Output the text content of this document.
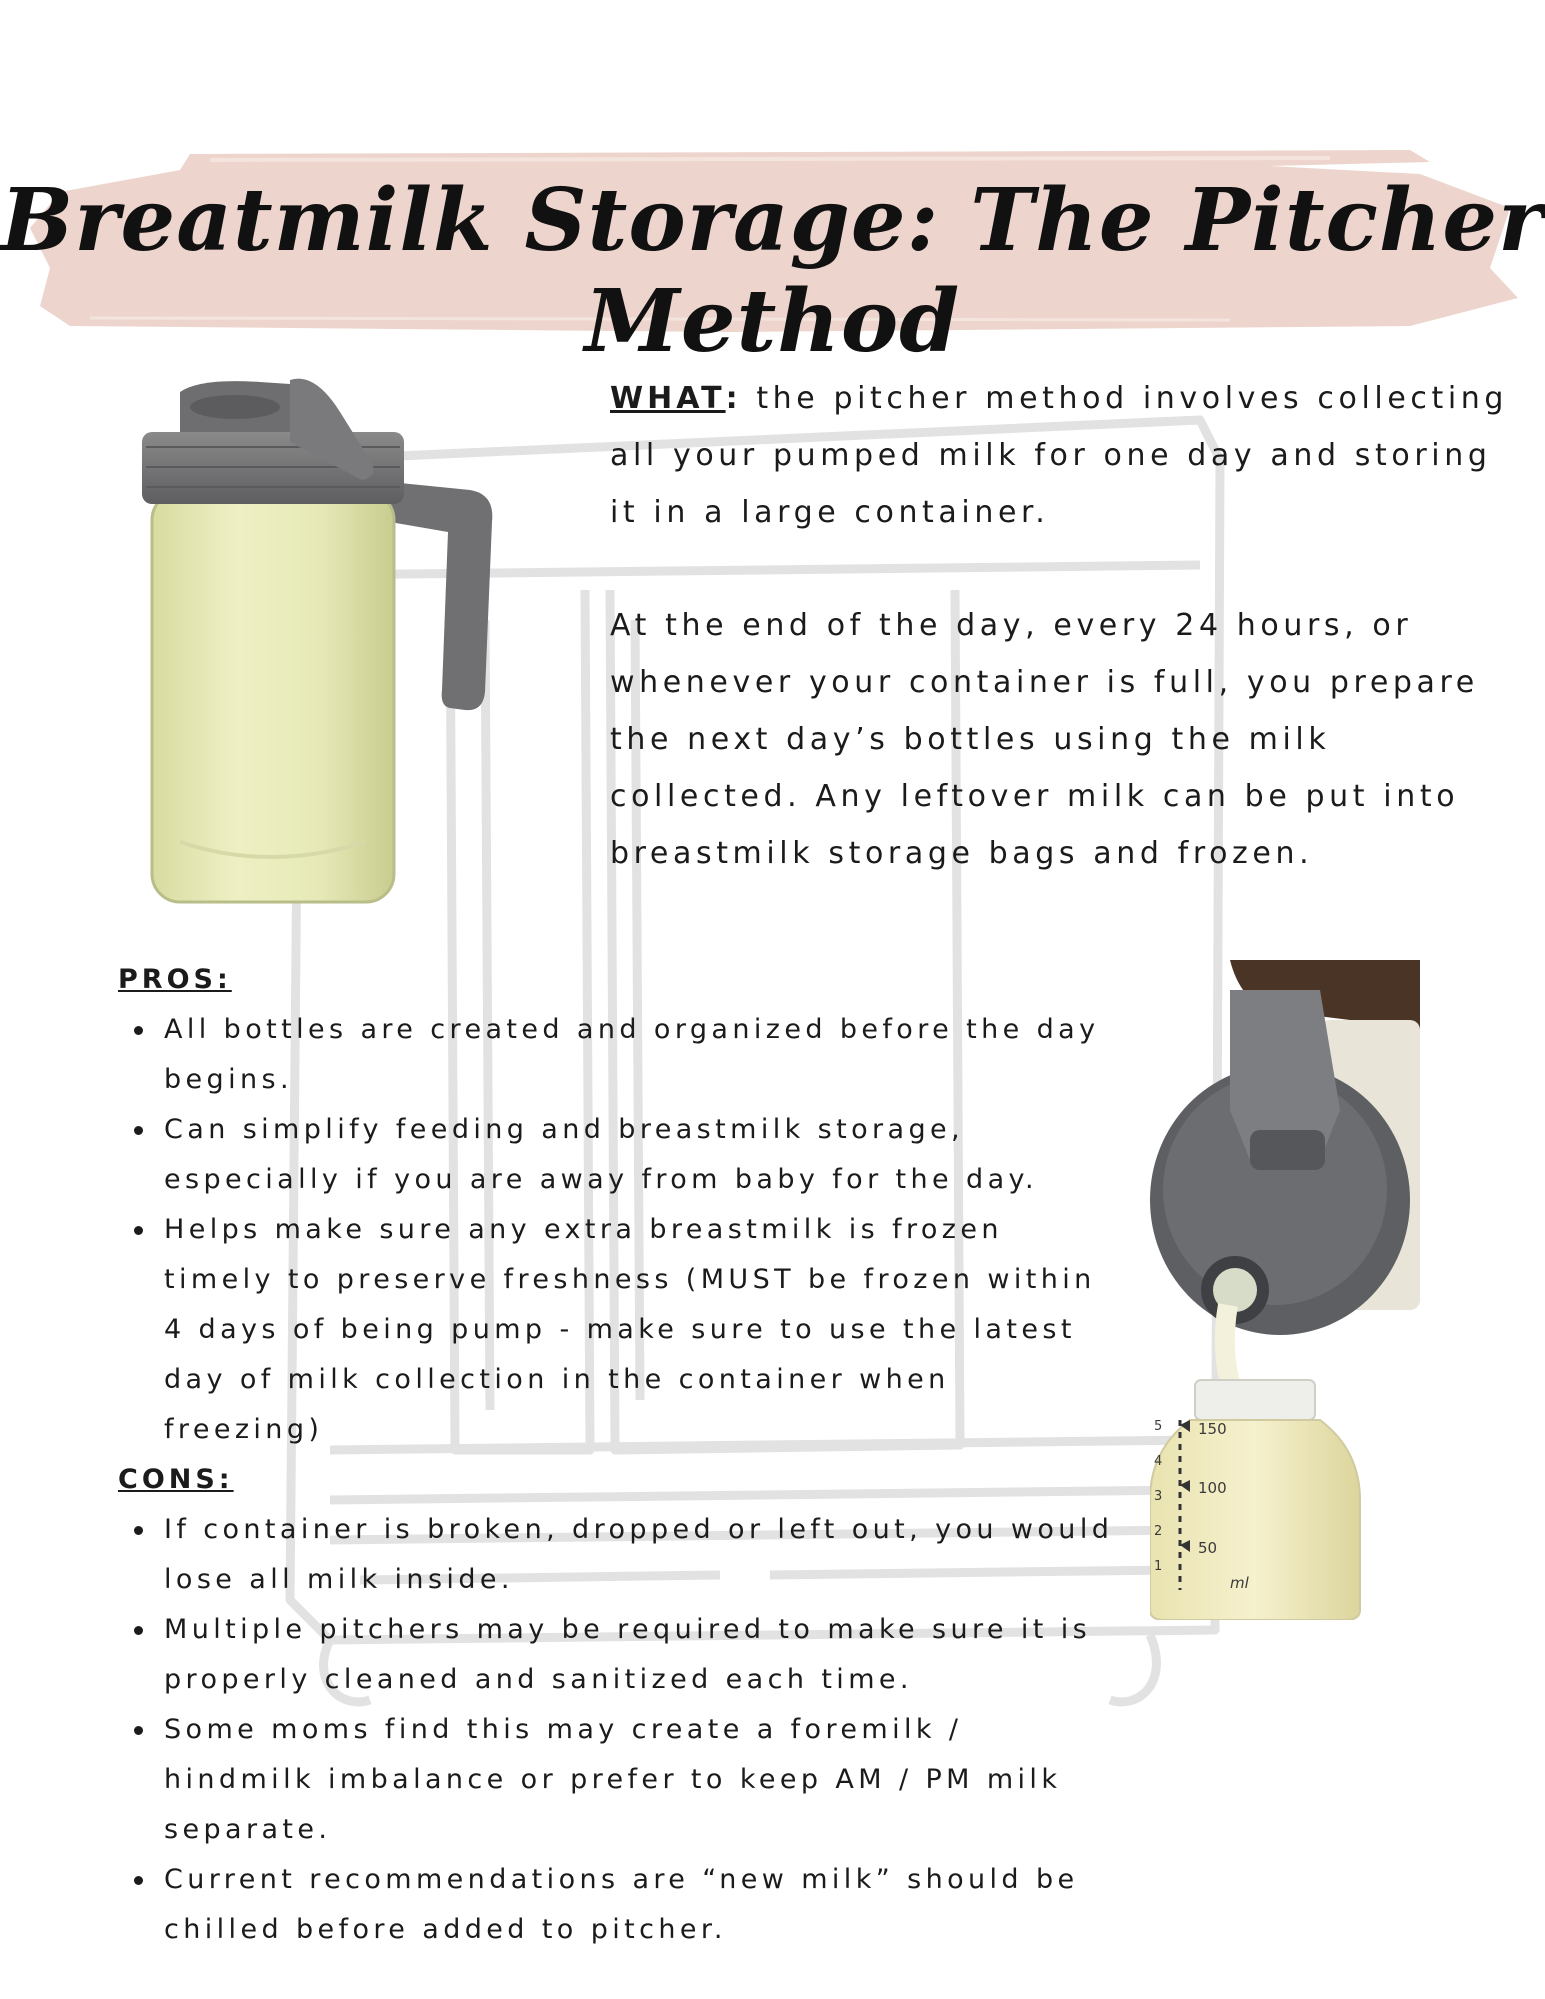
Breatmilk Storage: The Pitcher Method
5
4
3
2
1
150
100
50
ml

WHAT: the pitcher method involves collecting all your pumped milk for one day and storing it in a large container.

At the end of the day, every 24 hours, or whenever your container is full, you prepare the next day’s bottles using the milk collected. Any leftover milk can be put into breastmilk storage bags and frozen.

PROS:

All bottles are created and organized before the day begins.
Can simplify feeding and breastmilk storage, especially if you are away from baby for the day.
Helps make sure any extra breastmilk is frozen timely to preserve freshness (MUST be frozen within 4 days of being pump - make sure to use the latest day of milk collection in the container when freezing)

CONS:

If container is broken, dropped or left out, you would lose all milk inside.
Multiple pitchers may be required to make sure it is properly cleaned and sanitized each time.
Some moms find this may create a foremilk / hindmilk imbalance or prefer to keep AM / PM milk separate.
Current recommendations are “new milk” should be chilled before added to pitcher.
